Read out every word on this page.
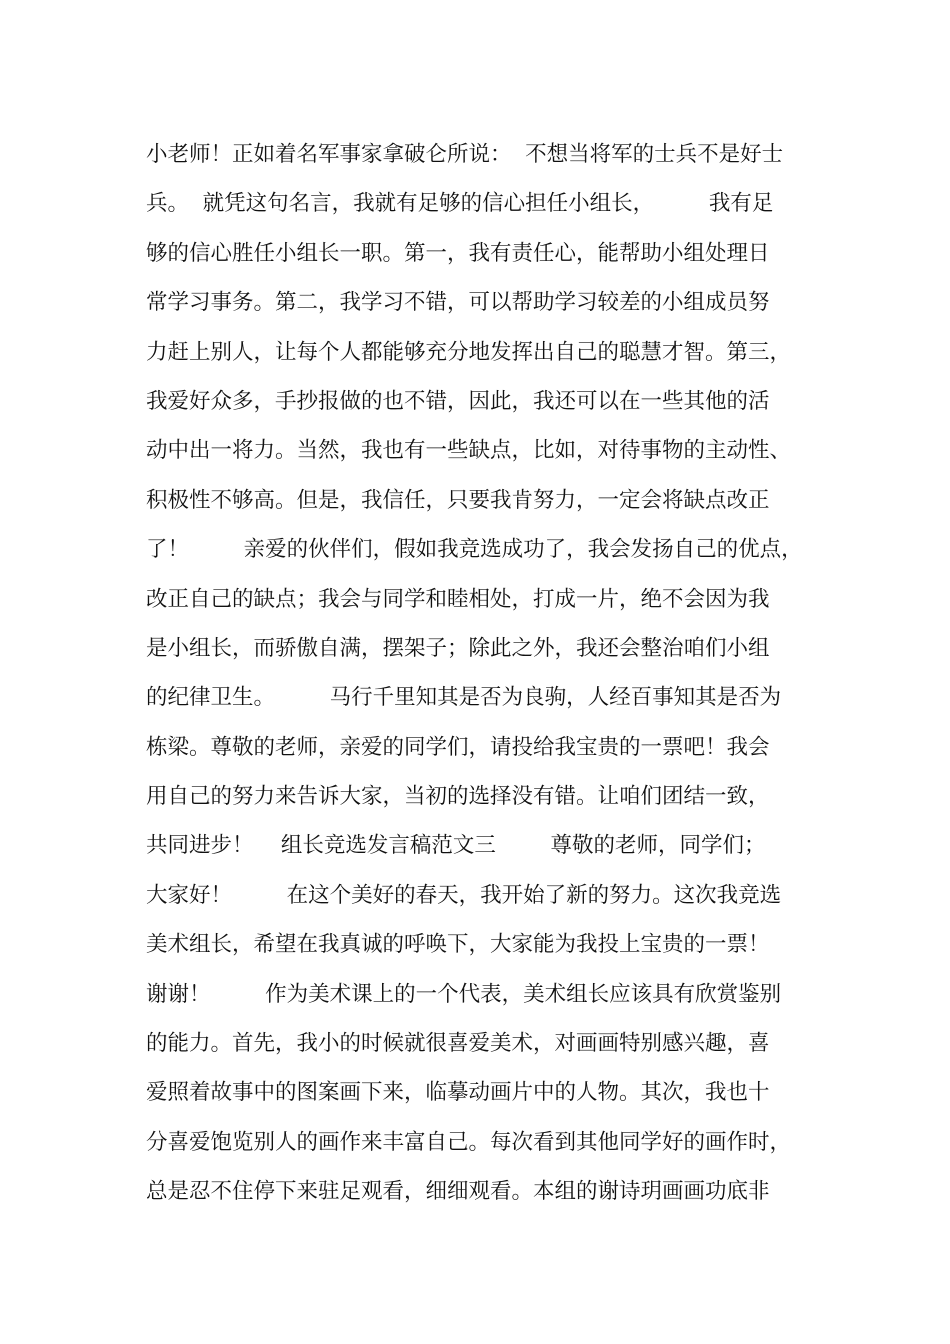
小老师！正如着名军事家拿破仑所说：  不想当将军的士兵不是好士
兵。  就凭这句名言，我就有足够的信心担任小组长，        我有足
够的信心胜任小组长一职。第一，我有责任心，能帮助小组处理日
常学习事务。第二，我学习不错，可以帮助学习较差的小组成员努
力赶上别人，让每个人都能够充分地发挥出自己的聪慧才智。第三，
我爱好众多，手抄报做的也不错，因此，我还可以在一些其他的活
动中出一将力。当然，我也有一些缺点，比如，对待事物的主动性、
积极性不够高。但是，我信任，只要我肯努力，一定会将缺点改正
了！        亲爱的伙伴们，假如我竞选成功了，我会发扬自己的优点，
改正自己的缺点；我会与同学和睦相处，打成一片，绝不会因为我
是小组长，而骄傲自满，摆架子；除此之外，我还会整治咱们小组
的纪律卫生。        马行千里知其是否为良驹，人经百事知其是否为
栋梁。尊敬的老师，亲爱的同学们，请投给我宝贵的一票吧！我会
用自己的努力来告诉大家，当初的选择没有错。让咱们团结一致，
共同进步！    组长竞选发言稿范文三        尊敬的老师，同学们；
大家好！        在这个美好的春天，我开始了新的努力。这次我竞选
美术组长，希望在我真诚的呼唤下，大家能为我投上宝贵的一票！
谢谢！        作为美术课上的一个代表，美术组长应该具有欣赏鉴别
的能力。首先，我小的时候就很喜爱美术，对画画特别感兴趣，喜
爱照着故事中的图案画下来，临摹动画片中的人物。其次，我也十
分喜爱饱览别人的画作来丰富自己。每次看到其他同学好的画作时，
总是忍不住停下来驻足观看，细细观看。本组的谢诗玥画画功底非
